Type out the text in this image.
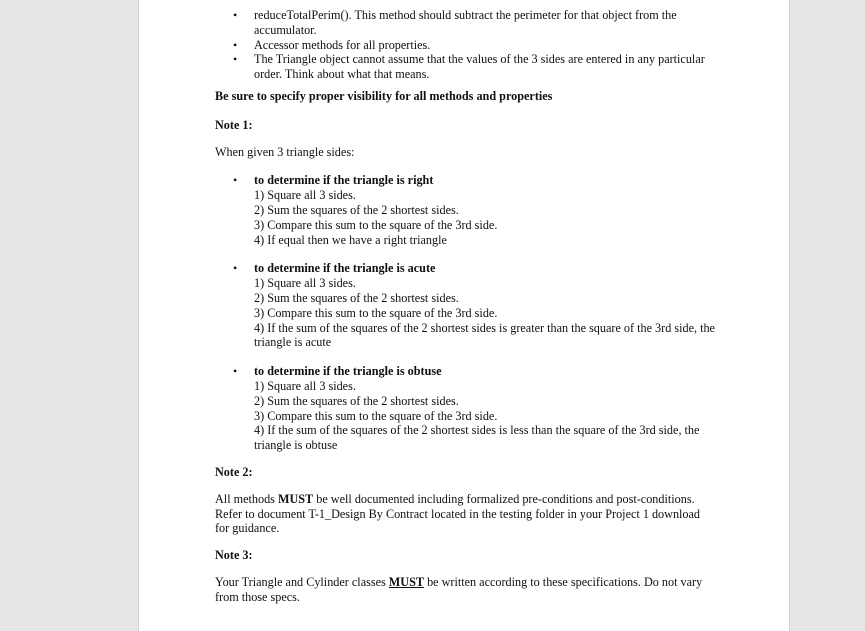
• reduceTotalPerim(). This method should subtract the perimeter for that object from the accumulator.
• Accessor methods for all properties.
• The Triangle object cannot assume that the values of the 3 sides are entered in any particular order. Think about what that means.

Be sure to specify proper visibility for all methods and properties

Note 1:

When given 3 triangle sides:

• to determine if the triangle is right
1) Square all 3 sides.
2) Sum the squares of the 2 shortest sides.
3) Compare this sum to the square of the 3rd side.
4) If equal then we have a right triangle
• to determine if the triangle is acute
1) Square all 3 sides.
2) Sum the squares of the 2 shortest sides.
3) Compare this sum to the square of the 3rd side.
4) If the sum of the squares of the 2 shortest sides is greater than the square of the 3rd side, the triangle is acute
• to determine if the triangle is obtuse
1) Square all 3 sides.
2) Sum the squares of the 2 shortest sides.
3) Compare this sum to the square of the 3rd side.
4) If the sum of the squares of the 2 shortest sides is less than the square of the 3rd side, the triangle is obtuse

Note 2:

All methods MUST be well documented including formalized pre-conditions and post-conditions. Refer to document T-1_Design By Contract located in the testing folder in your Project 1 download for guidance.

Note 3:

Your Triangle and Cylinder classes MUST be written according to these specifications. Do not vary from those specs.
